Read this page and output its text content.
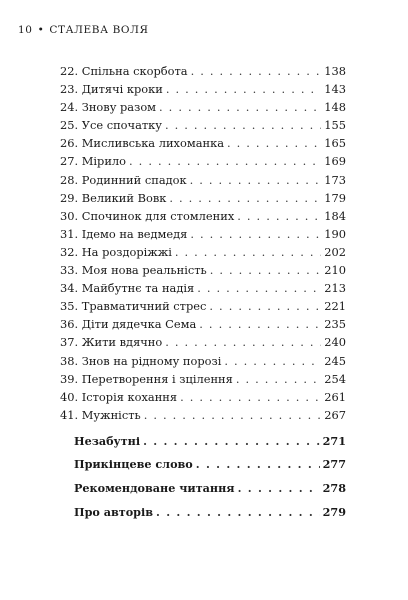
10 • СТАЛЕВА ВОЛЯ
22. Спільна скорбота . . .	138
23. Дитячі кроки . . .	143
24. Знову разом . . .	148
25. Усе спочатку . . .	155
26. Мисливська лихоманка . . .	165
27. Мірило . . .	169
28. Родинний спадок . . .	173
29. Великий Вовк . . .	179
30. Спочинок для стомлених . . .	184
31. Ідемо на ведмедя . . .	190
32. На роздоріжжі . . .	202
33. Моя нова реальність . . .	210
34. Майбутнє та надія . . .	213
35. Травматичний стрес . . .	221
36. Діти дядечка Сема . . .	235
37. Жити вдячно . . .	240
38. Знов на рідному порозі . . .	245
39. Перетворення і зцілення . . .	254
40. Історія кохання . . .	261
41. Мужність . . .	267
Незабутні . . .	271
Прикінцеве слово . . .	277
Рекомендоване читання . . .	278
Про авторів . . .	279
